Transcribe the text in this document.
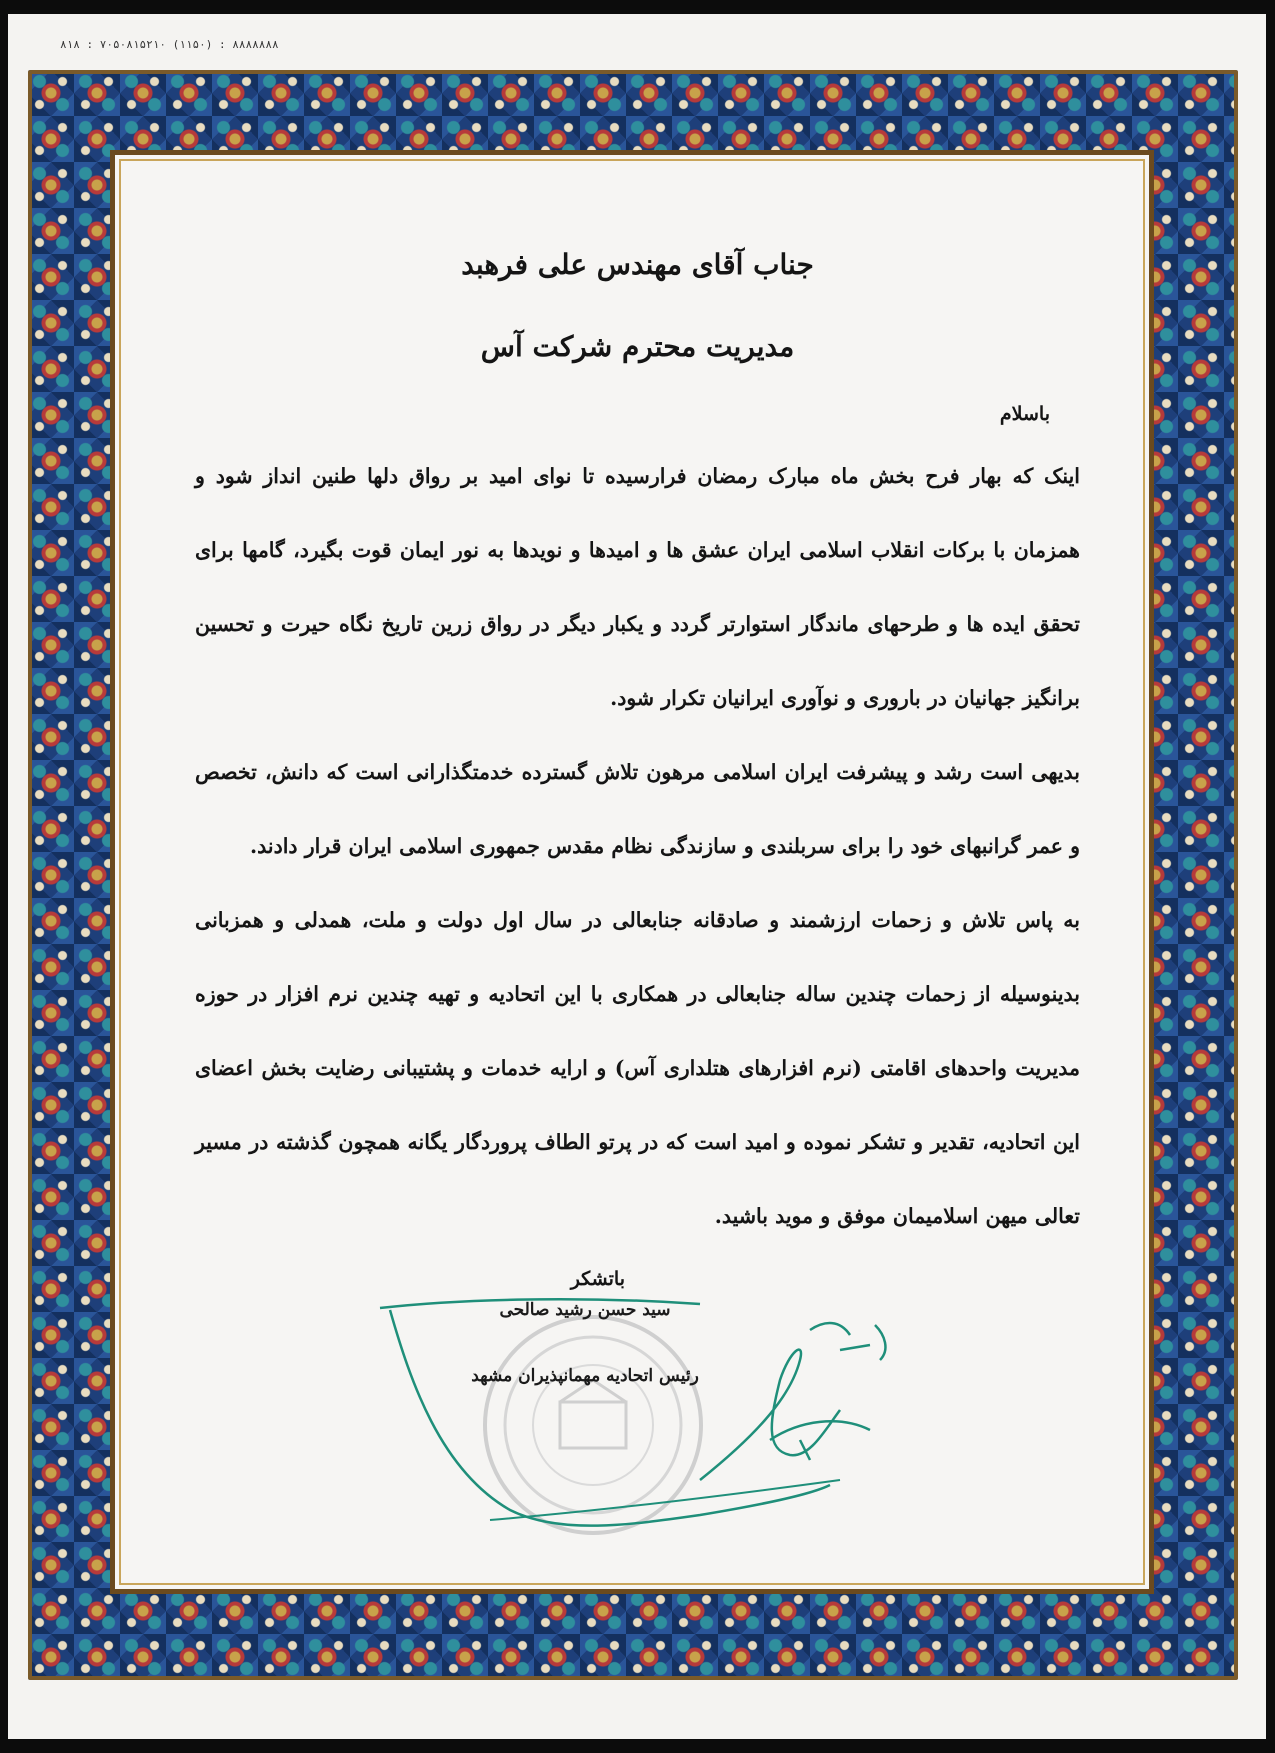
۸۸۸۸۸۸۸ : (۱۱۵۰) ۷۰۵۰۸۱۵۲۱۰ : ۸۱۸

جناب آقای مهندس علی فرهبد

مدیریت محترم شرکت آس

باسلام

اینک که بهار فرح بخش ماه مبارک رمضان فرارسیده تا نوای امید بر رواق دلها طنین انداز شود و همزمان با برکات انقلاب اسلامی ایران عشق ها و امیدها و نویدها به نور ایمان قوت بگیرد، گامها برای تحقق ایده ها و طرحهای ماندگار استوارتر گردد و یکبار دیگر در رواق زرین تاریخ نگاه حیرت و تحسین برانگیز جهانیان در باروری و نوآوری ایرانیان تکرار شود.

بدیهی است رشد و پیشرفت ایران اسلامی مرهون تلاش گسترده خدمتگذارانی است که دانش، تخصص و عمر گرانبهای خود را برای سربلندی و سازندگی نظام مقدس جمهوری اسلامی ایران قرار دادند.

به پاس تلاش و زحمات ارزشمند و صادقانه جنابعالی در سال اول دولت و ملت، همدلی و همزبانی بدینوسیله از زحمات چندین ساله جنابعالی در همکاری با این اتحادیه و تهیه چندین نرم افزار در حوزه مدیریت واحدهای اقامتی (نرم افزارهای هتلداری آس) و ارایه خدمات و پشتیبانی رضایت بخش اعضای این اتحادیه، تقدیر و تشکر نموده و امید است که در پرتو الطاف پروردگار یگانه همچون گذشته در مسیر تعالی میهن اسلامیمان موفق و موید باشید.

باتشکر

سید حسن رشید صالحی
رئیس اتحادیه مهمانپذیران مشهد
